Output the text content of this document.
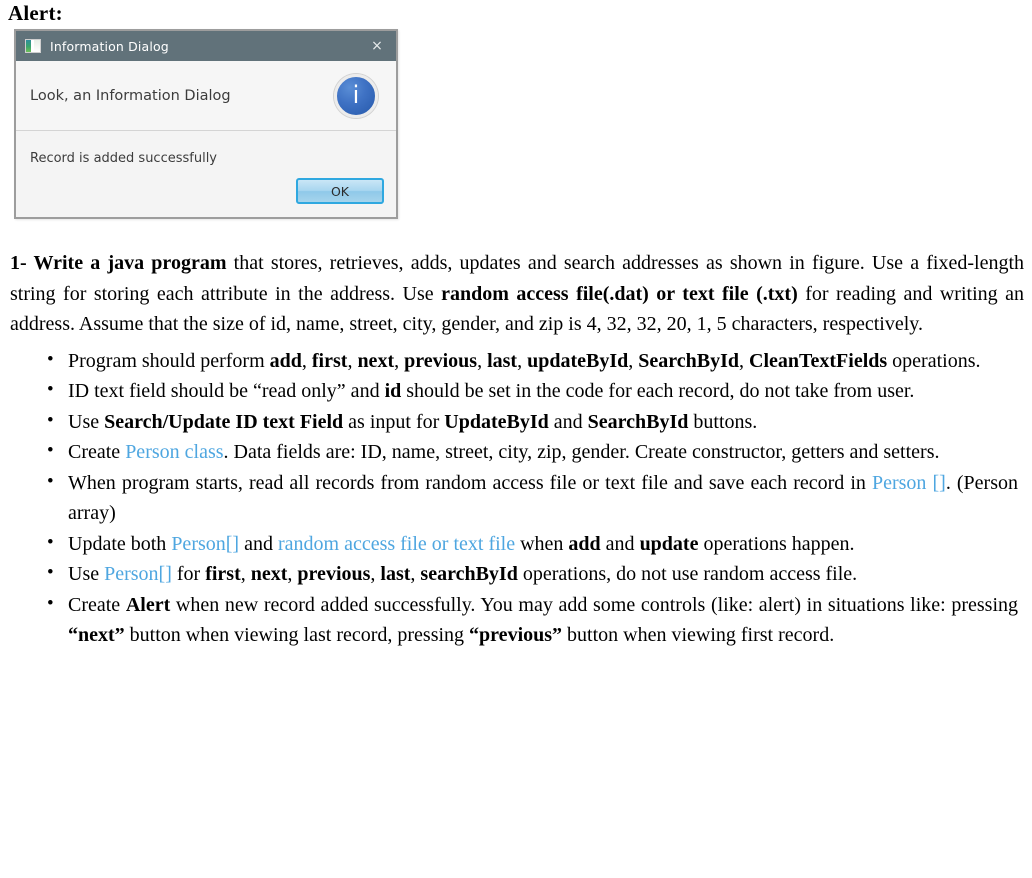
Alert:
Information Dialog	×
Look, an Information Dialog	i
Record is added successfully
OK

1- Write a java program that stores, retrieves, adds, updates and search addresses as shown in figure. Use a fixed-length string for storing each attribute in the address. Use random access file(.dat) or text file (.txt) for reading and writing an address. Assume that the size of id, name, street, city, gender, and zip is 4, 32, 32, 20, 1, 5 characters, respectively.

• Program should perform add, first, next, previous, last, updateById, SearchById, CleanTextFields operations.
• ID text field should be “read only” and id should be set in the code for each record, do not take from user.
• Use Search/Update ID text Field as input for UpdateById and SearchById buttons.
• Create Person class. Data fields are: ID, name, street, city, zip, gender. Create constructor, getters and setters.
• When program starts, read all records from random access file or text file and save each record in Person []. (Person array)
• Update both Person[] and random access file or text file when add and update operations happen.
• Use Person[] for first, next, previous, last, searchById operations, do not use random access file.
• Create Alert when new record added successfully. You may add some controls (like: alert) in situations like: pressing “next” button when viewing last record, pressing “previous” button when viewing first record.
